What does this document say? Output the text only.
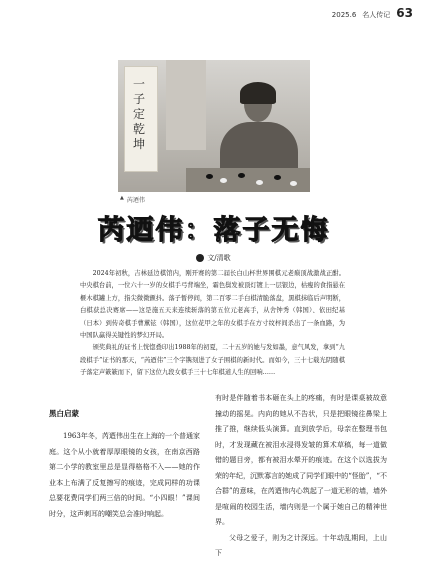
2025.6 名人传记 63
一子定乾坤
▲ 芮迺伟
芮迺伟：落子无悔
文/清歌

2024年初秋，吉林延边棋馆内，刚开赛的第二届长白山杯世界围棋元老巅顶战激战正酣。中央棋台前，一位六十一岁的女棋手弓背端坐，霜色鬓发被顶灯镀上一层银边，枯瘦的食指悬在榧木棋罐上方，指尖微微颤抖。落子暂停间，第二百零二手白棋清脆落盘，黑棋抹临后声明断，白棋获总决赛席——这是施五天来连续斩落的第五位元老高手，从舍钟秀（韩国）、依田纪基（日本）到传奇棋手曹薰铉（韩国），这位花甲之年的女棋手在方寸纹枰间杀出了一条血路，为中国队赢得关键性的梦幻开局。

颁奖典礼的证书上恍惚叠印出1988年的初夏，二十五岁的她与发如墨，意气风发，拿到“九段棋手”证书的那天，“芮迺伟”三个字镌刻进了女子围棋的新时代。而如今，三十七载光阴随棋子落定声簌簌而下，留下这位九段女棋手三十七年棋道人生的回响……

黑白启蒙

1963年冬，芮迺伟出生在上海的一个普通家庭。这个从小就着厚厚眼镜的女孩，在南京西路第二小学的教室里总是显得格格不入——她的作业本上布满了反复擦写的痕迹，完成同样的功课总要花费同学们两三倍的时间。“小四眼！”课间时分，这声刺耳的嘲笑总会准时响起。

有时是伴随着书本砸在头上的疼痛，有时是课桌被故意撞动的摇晃。内向的她从不告状，只是把眼镜往鼻梁上推了推，继续低头演算。直到放学后，母亲在整理书包时，才发现藏在被泪水浸得发皱的算术草稿，每一道做错的题目旁，都有被泪水晕开的痕迹。在这个以选拔为荣的年纪，沉默寡言的她成了同学们眼中的“怪胎”，“不合群”的意味，在芮迺伟内心筑起了一道无形的墙，墙外是喧闹的校园生活，墙内则是一个属于她自己的精神世界。

父母之爱子，则为之计深远。十年动乱期间，上山下
